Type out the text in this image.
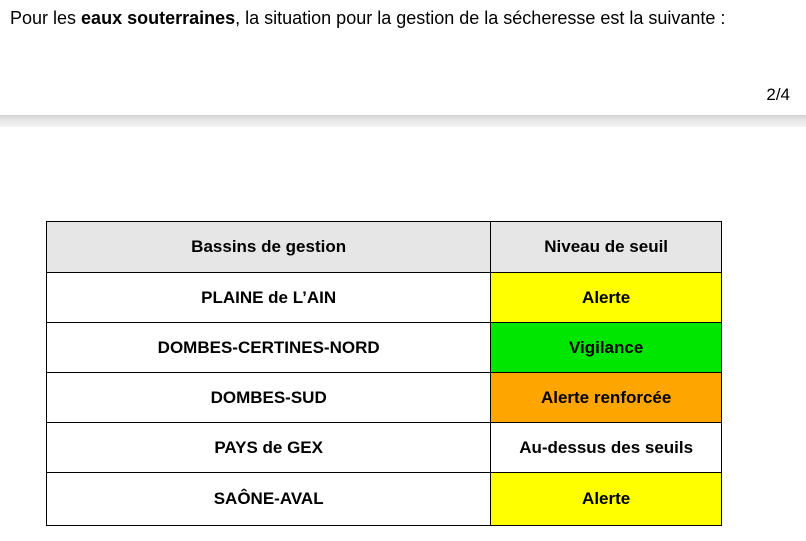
Pour les eaux souterraines, la situation pour la gestion de la sécheresse est la suivante :

2/4
Bassins de gestion	Niveau de seuil
PLAINE de L’AIN	Alerte
DOMBES-CERTINES-NORD	Vigilance
DOMBES-SUD	Alerte renforcée
PAYS de GEX	Au-dessus des seuils
SAÔNE-AVAL	Alerte
